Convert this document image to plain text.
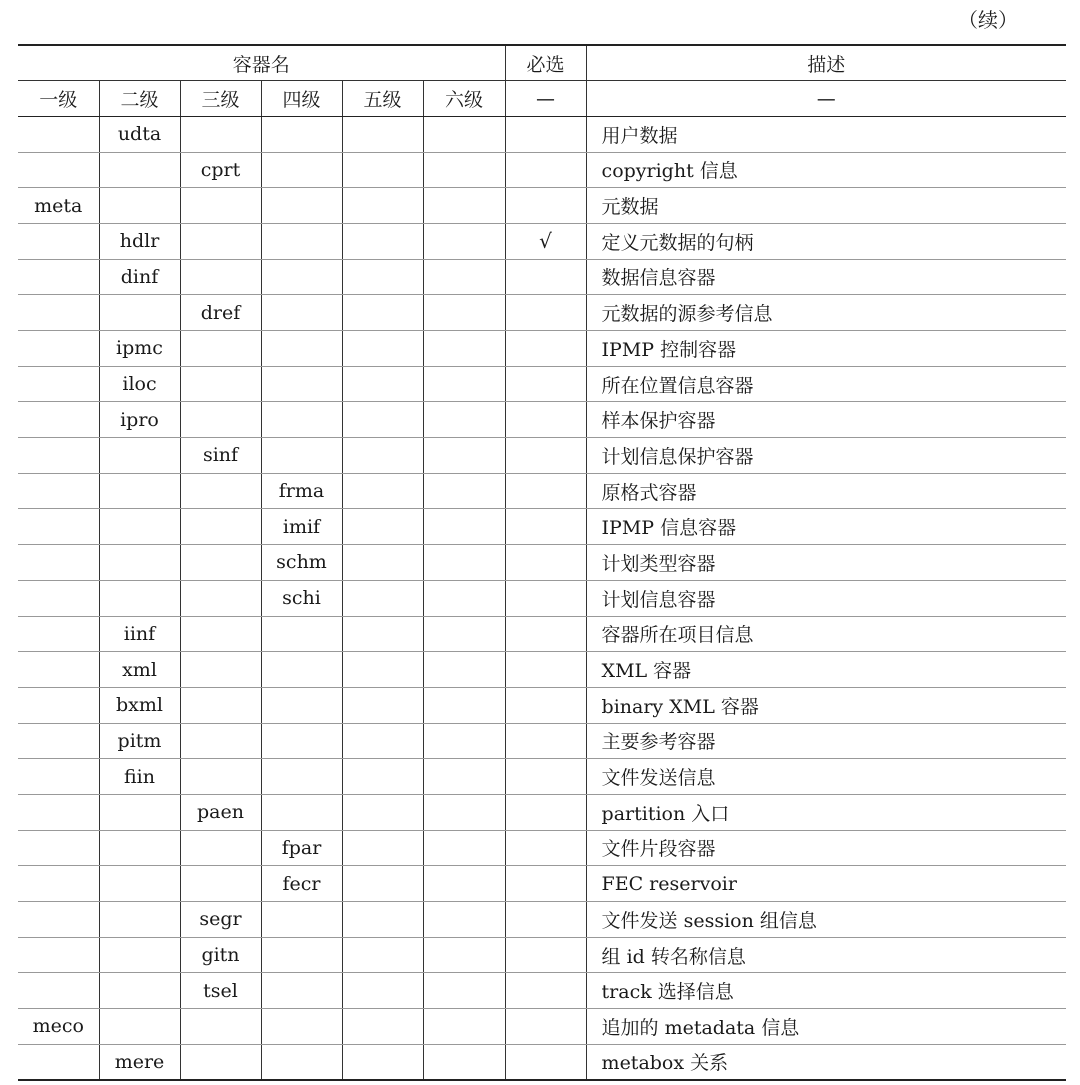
（续）
容器名						必选	描述
一级	二级	三级	四级	五级	六级	—	—
	udta						用户数据
		cprt					copyright 信息
meta							元数据
	hdlr					√	定义元数据的句柄
	dinf						数据信息容器
		dref					元数据的源参考信息
	ipmc						IPMP 控制容器
	iloc						所在位置信息容器
	ipro						样本保护容器
		sinf					计划信息保护容器
			frma				原格式容器
			imif				IPMP 信息容器
			schm				计划类型容器
			schi				计划信息容器
	iinf						容器所在项目信息
	xml						XML 容器
	bxml						binary XML 容器
	pitm						主要参考容器
	fiin						文件发送信息
		paen					partition 入口
			fpar				文件片段容器
			fecr				FEC reservoir
		segr					文件发送 session 组信息
		gitn					组 id 转名称信息
		tsel					track 选择信息
meco							追加的 metadata 信息
	mere						metabox 关系
